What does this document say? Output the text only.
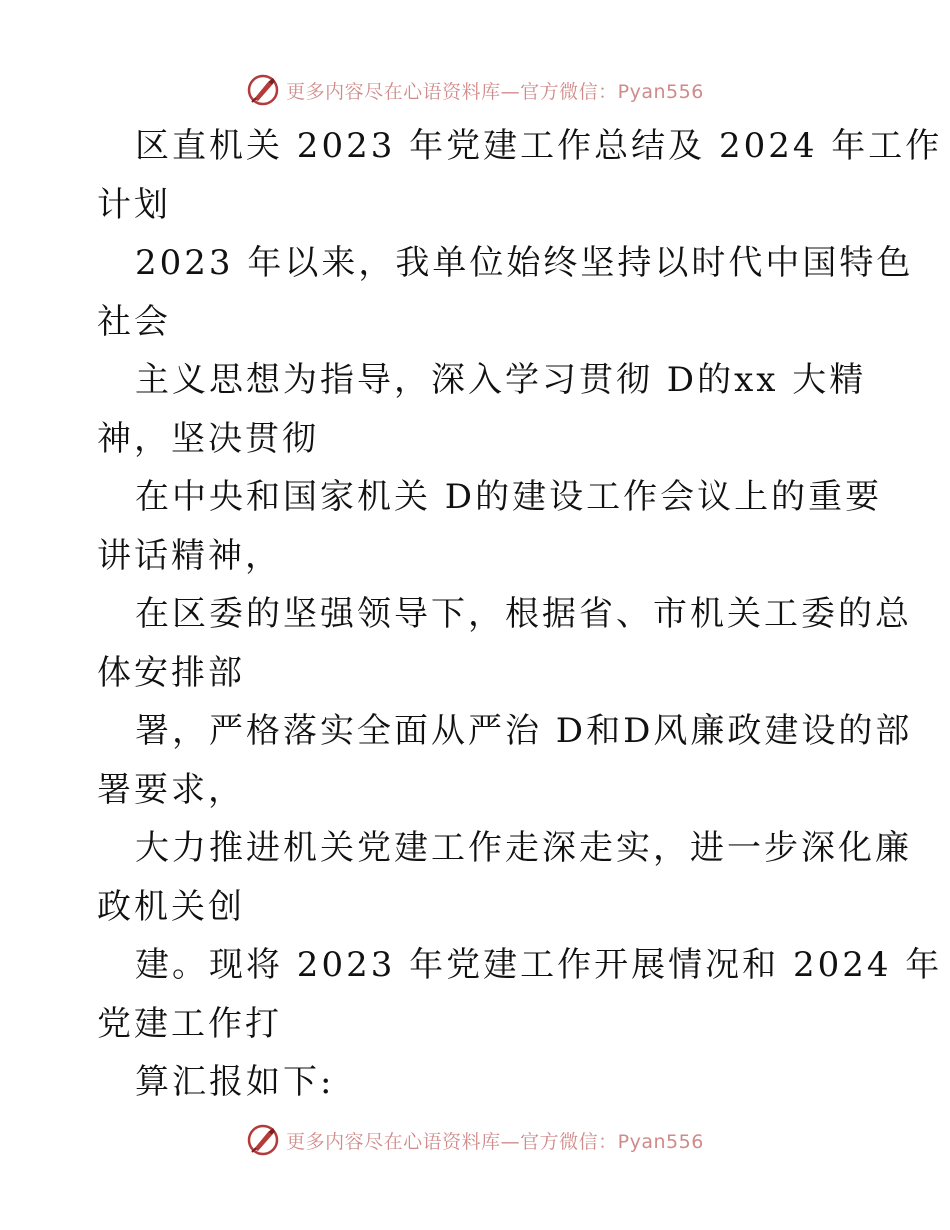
更多内容尽在心语资料库—官方微信：Pyan556
区直机关 2023 年党建工作总结及 2024 年工作
计划
2023 年以来，我单位始终坚持以时代中国特色
社会
主义思想为指导，深入学习贯彻 D的xx 大精
神，坚决贯彻
在中央和国家机关 D的建设工作会议上的重要
讲话精神，
在区委的坚强领导下，根据省、市机关工委的总
体安排部
署，严格落实全面从严治 D和D风廉政建设的部
署要求，
大力推进机关党建工作走深走实，进一步深化廉
政机关创
建。现将 2023 年党建工作开展情况和 2024 年
党建工作打
算汇报如下:
更多内容尽在心语资料库—官方微信：Pyan556
